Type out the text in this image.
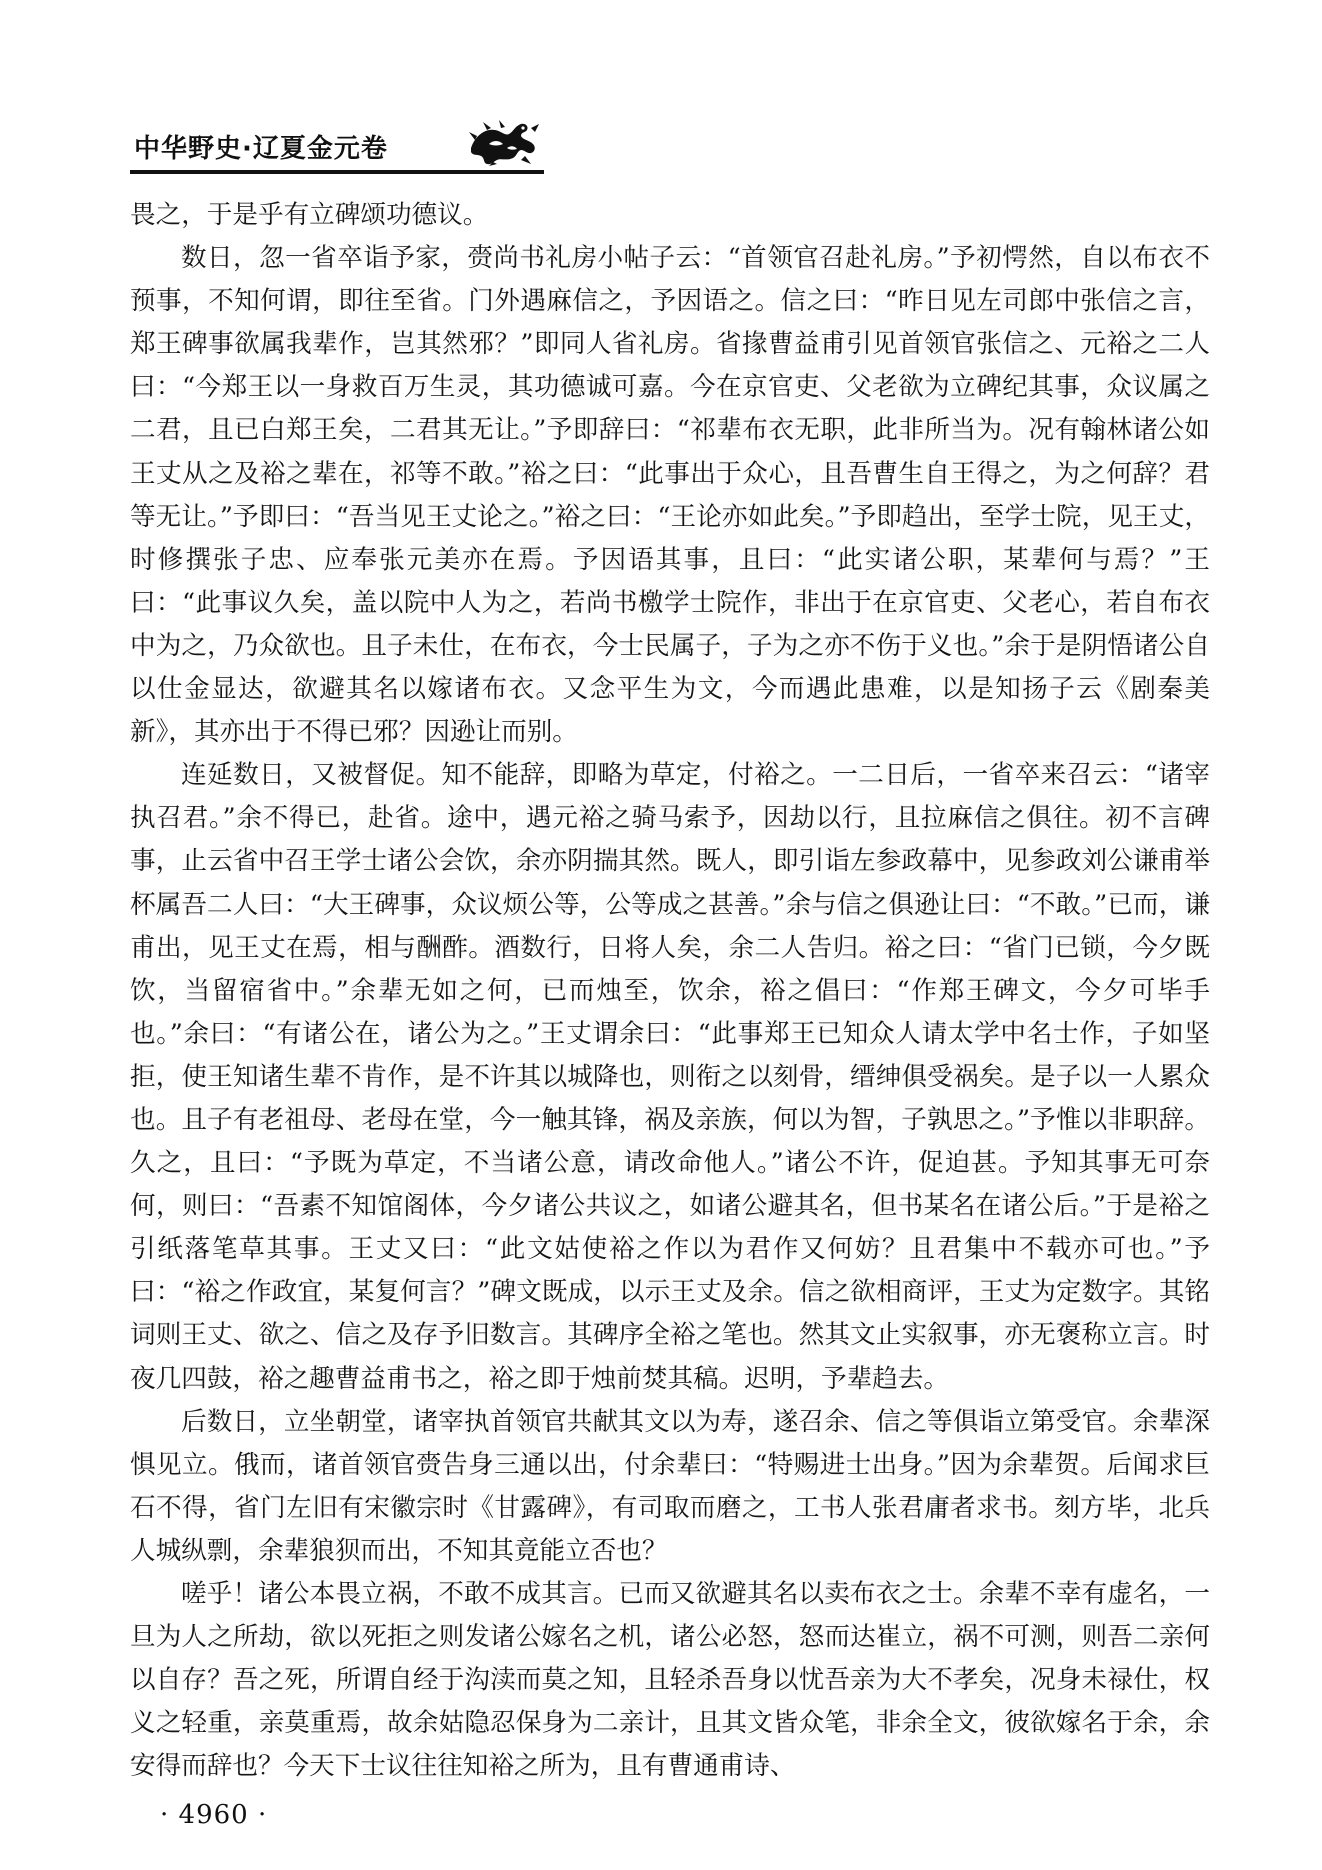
中华野史·辽夏金元卷

畏之，于是乎有立碑颂功德议。

数日，忽一省卒诣予家，赍尚书礼房小帖子云：“首领官召赴礼房。”予初愕然，自以布衣不预事，不知何谓，即往至省。门外遇麻信之，予因语之。信之曰：“昨日见左司郎中张信之言，郑王碑事欲属我辈作，岂其然邪？”即同人省礼房。省掾曹益甫引见首领官张信之、元裕之二人曰：“今郑王以一身救百万生灵，其功德诚可嘉。今在京官吏、父老欲为立碑纪其事，众议属之二君，且已白郑王矣，二君其无让。”予即辞曰：“祁辈布衣无职，此非所当为。况有翰林诸公如王丈从之及裕之辈在，祁等不敢。”裕之曰：“此事出于众心，且吾曹生自王得之，为之何辞？君等无让。”予即曰：“吾当见王丈论之。”裕之曰：“王论亦如此矣。”予即趋出，至学士院，见王丈，时修撰张子忠、应奉张元美亦在焉。予因语其事，且曰：“此实诸公职，某辈何与焉？”王曰：“此事议久矣，盖以院中人为之，若尚书檄学士院作，非出于在京官吏、父老心，若自布衣中为之，乃众欲也。且子未仕，在布衣，今士民属子，子为之亦不伤于义也。”余于是阴悟诸公自以仕金显达，欲避其名以嫁诸布衣。又念平生为文，今而遇此患难，以是知扬子云《剧秦美新》，其亦出于不得已邪？因逊让而别。

连延数日，又被督促。知不能辞，即略为草定，付裕之。一二日后，一省卒来召云：“诸宰执召君。”余不得已，赴省。途中，遇元裕之骑马索予，因劫以行，且拉麻信之俱往。初不言碑事，止云省中召王学士诸公会饮，余亦阴揣其然。既人，即引诣左参政幕中，见参政刘公谦甫举杯属吾二人曰：“大王碑事，众议烦公等，公等成之甚善。”余与信之俱逊让曰：“不敢。”已而，谦甫出，见王丈在焉，相与酬酢。酒数行，日将人矣，余二人告归。裕之曰：“省门已锁，今夕既饮，当留宿省中。”余辈无如之何，已而烛至，饮余，裕之倡曰：“作郑王碑文，今夕可毕手也。”余曰：“有诸公在，诸公为之。”王丈谓余曰：“此事郑王已知众人请太学中名士作，子如坚拒，使王知诸生辈不肯作，是不许其以城降也，则衔之以刻骨，缙绅俱受祸矣。是子以一人累众也。且子有老祖母、老母在堂，今一触其锋，祸及亲族，何以为智，子孰思之。”予惟以非职辞。久之，且曰：“予既为草定，不当诸公意，请改命他人。”诸公不许，促迫甚。予知其事无可奈何，则曰：“吾素不知馆阁体，今夕诸公共议之，如诸公避其名，但书某名在诸公后。”于是裕之引纸落笔草其事。王丈又曰：“此文姑使裕之作以为君作又何妨？且君集中不载亦可也。”予曰：“裕之作政宜，某复何言？”碑文既成，以示王丈及余。信之欲相商评，王丈为定数字。其铭词则王丈、欲之、信之及存予旧数言。其碑序全裕之笔也。然其文止实叙事，亦无褒称立言。时夜几四鼓，裕之趣曹益甫书之，裕之即于烛前焚其稿。迟明，予辈趋去。

后数日，立坐朝堂，诸宰执首领官共献其文以为寿，遂召余、信之等俱诣立第受官。余辈深惧见立。俄而，诸首领官赍告身三通以出，付余辈曰：“特赐进士出身。”因为余辈贺。后闻求巨石不得，省门左旧有宋徽宗时《甘露碑》，有司取而磨之，工书人张君庸者求书。刻方毕，北兵人城纵剽，余辈狼狈而出，不知其竟能立否也？

嗟乎！诸公本畏立祸，不敢不成其言。已而又欲避其名以卖布衣之士。余辈不幸有虚名，一旦为人之所劫，欲以死拒之则发诸公嫁名之机，诸公必怒，怒而达崔立，祸不可测，则吾二亲何以自存？吾之死，所谓自经于沟渎而莫之知，且轻杀吾身以忧吾亲为大不孝矣，况身未禄仕，权义之轻重，亲莫重焉，故余姑隐忍保身为二亲计，且其文皆众笔，非余全文，彼欲嫁名于余，余安得而辞也？今天下士议往往知裕之所为，且有曹通甫诗、

· 4960 ·
